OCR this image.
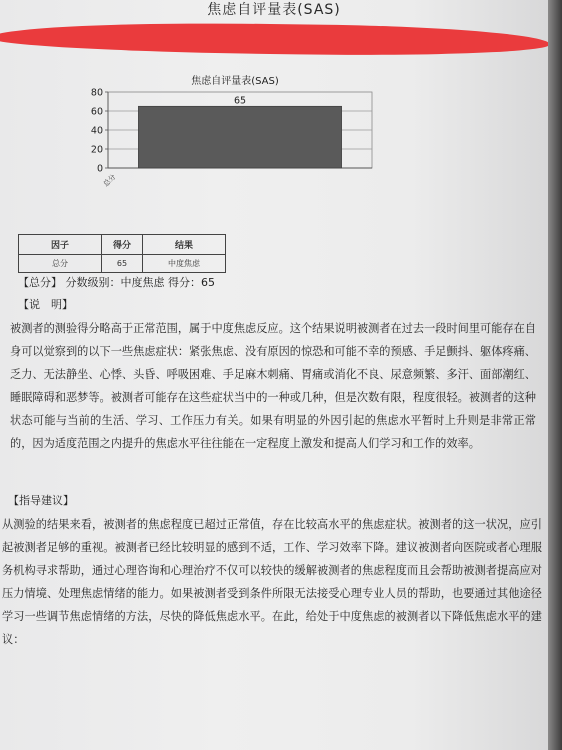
焦虑自评量表(SAS)
焦虑自评量表(SAS)
0
20
40
60
80
65
总分
因子	得分	结果
总分	65	中度焦虑
【总分】 分数级别：中度焦虑 得分：65
【说　明】
被测者的测验得分略高于正常范围，属于中度焦虑反应。这个结果说明被测者在过去一段时间里可能存在自身可以觉察到的以下一些焦虑症状：紧张焦虑、没有原因的惊恐和可能不幸的预感、手足颤抖、躯体疼痛、乏力、无法静坐、心悸、头昏、呼吸困难、手足麻木刺痛、胃痛或消化不良、尿意频繁、多汗、面部潮红、睡眠障碍和恶梦等。被测者可能存在这些症状当中的一种或几种，但是次数有限，程度很轻。被测者的这种状态可能与当前的生活、学习、工作压力有关。如果有明显的外因引起的焦虑水平暂时上升则是非常正常的，因为适度范围之内提升的焦虑水平往往能在一定程度上激发和提高人们学习和工作的效率。
【指导建议】
从测验的结果来看，被测者的焦虑程度已超过正常值，存在比较高水平的焦虑症状。被测者的这一状况，应引起被测者足够的重视。被测者已经比较明显的感到不适，工作、学习效率下降。建议被测者向医院或者心理服务机构寻求帮助，通过心理咨询和心理治疗不仅可以较快的缓解被测者的焦虑程度而且会帮助被测者提高应对压力情境、处理焦虑情绪的能力。如果被测者受到条件所限无法接受心理专业人员的帮助，也要通过其他途径学习一些调节焦虑情绪的方法，尽快的降低焦虑水平。在此，给处于中度焦虑的被测者以下降低焦虑水平的建议：
